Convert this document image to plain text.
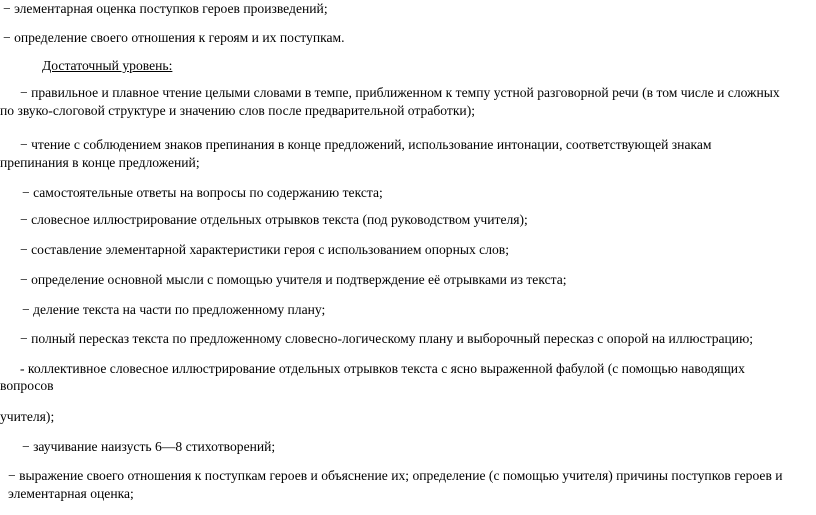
− элементарная оценка поступков героев произведений;
− определение своего отношения к героям и их поступкам.
Достаточный уровень:
− правильное и плавное чтение целыми словами в темпе, приближенном к темпу устной разговорной речи (в том числе и сложных
по звуко-слоговой структуре и значению слов после предварительной отработки);
− чтение с соблюдением знаков препинания в конце предложений, использование интонации, соответствующей знакам
препинания в конце предложений;
− самостоятельные ответы на вопросы по содержанию текста;
− словесное иллюстрирование отдельных отрывков текста (под руководством учителя);
− составление элементарной характеристики героя с использованием опорных слов;
− определение основной мысли с помощью учителя и подтверждение её отрывками из текста;
− деление текста на части по предложенному плану;
− полный пересказ текста по предложенному словесно-логическому плану и выборочный пересказ с опорой на иллюстрацию;
- коллективное словесное иллюстрирование отдельных отрывков текста с ясно выраженной фабулой (с помощью наводящих
вопросов
учителя);
− заучивание наизусть 6—8 стихотворений;
− выражение своего отношения к поступкам героев и объяснение их; определение (с помощью учителя) причины поступков героев и
элементарная оценка;
